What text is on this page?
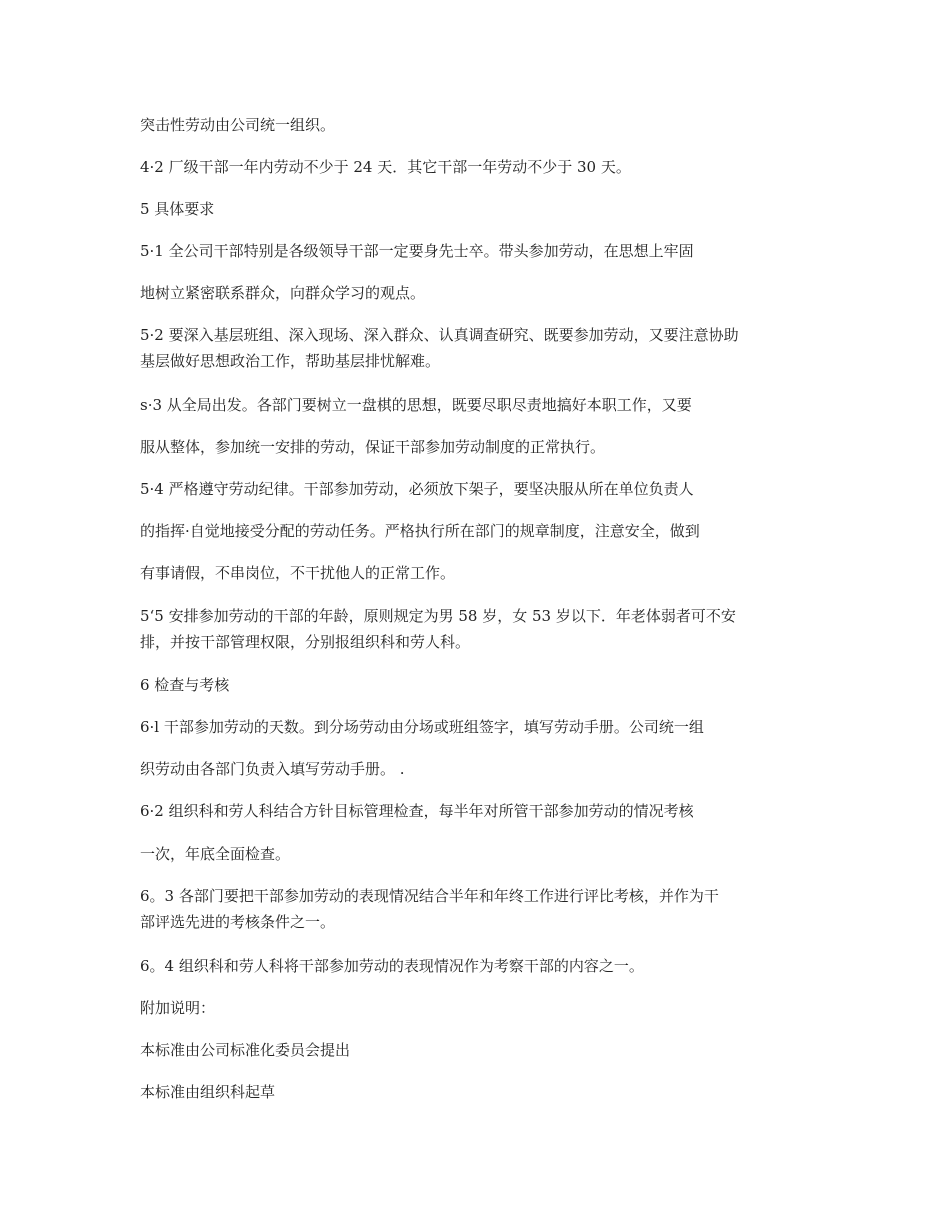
突击性劳动由公司统一组织。

4·2 厂级干部一年内劳动不少于 24 天．其它干部一年劳动不少于 30 天。

5 具体要求

5·1 全公司干部特别是各级领导干部一定要身先士卒。带头参加劳动，在思想上牢固

地树立紧密联系群众，向群众学习的观点。

5·2 要深入基层班组、深入现场、深入群众、认真调查研究、既要参加劳动，又要注意协助

基层做好思想政治工作，帮助基层排忧解难。

s·3 从全局出发。各部门要树立一盘棋的思想，既要尽职尽责地搞好本职工作，又要

服从整体，参加统一安排的劳动，保证干部参加劳动制度的正常执行。

5·4 严格遵守劳动纪律。干部参加劳动，必须放下架子，要坚决服从所在单位负责人

的指挥·自觉地接受分配的劳动任务。严格执行所在部门的规章制度，注意安全，做到

有事请假，不串岗位，不干扰他人的正常工作。

5‘5 安排参加劳动的干部的年龄，原则规定为男 58 岁，女 53 岁以下．年老体弱者可不安

排，并按干部管理权限，分别报组织科和劳人科。

6 检查与考核

6·l 干部参加劳动的天数。到分场劳动由分场或班组签字，填写劳动手册。公司统一组

织劳动由各部门负责入填写劳动手册。 .

6·2 组织科和劳人科结合方针目标管理检查，每半年对所管干部参加劳动的情况考核

一次，年底全面检查。

6。3 各部门要把干部参加劳动的表现情况结合半年和年终工作进行评比考核，并作为干

部评选先进的考核条件之一。

6。4 组织科和劳人科将干部参加劳动的表现情况作为考察干部的内容之一。

附加说明：

本标准由公司标准化委员会提出

本标准由组织科起草
